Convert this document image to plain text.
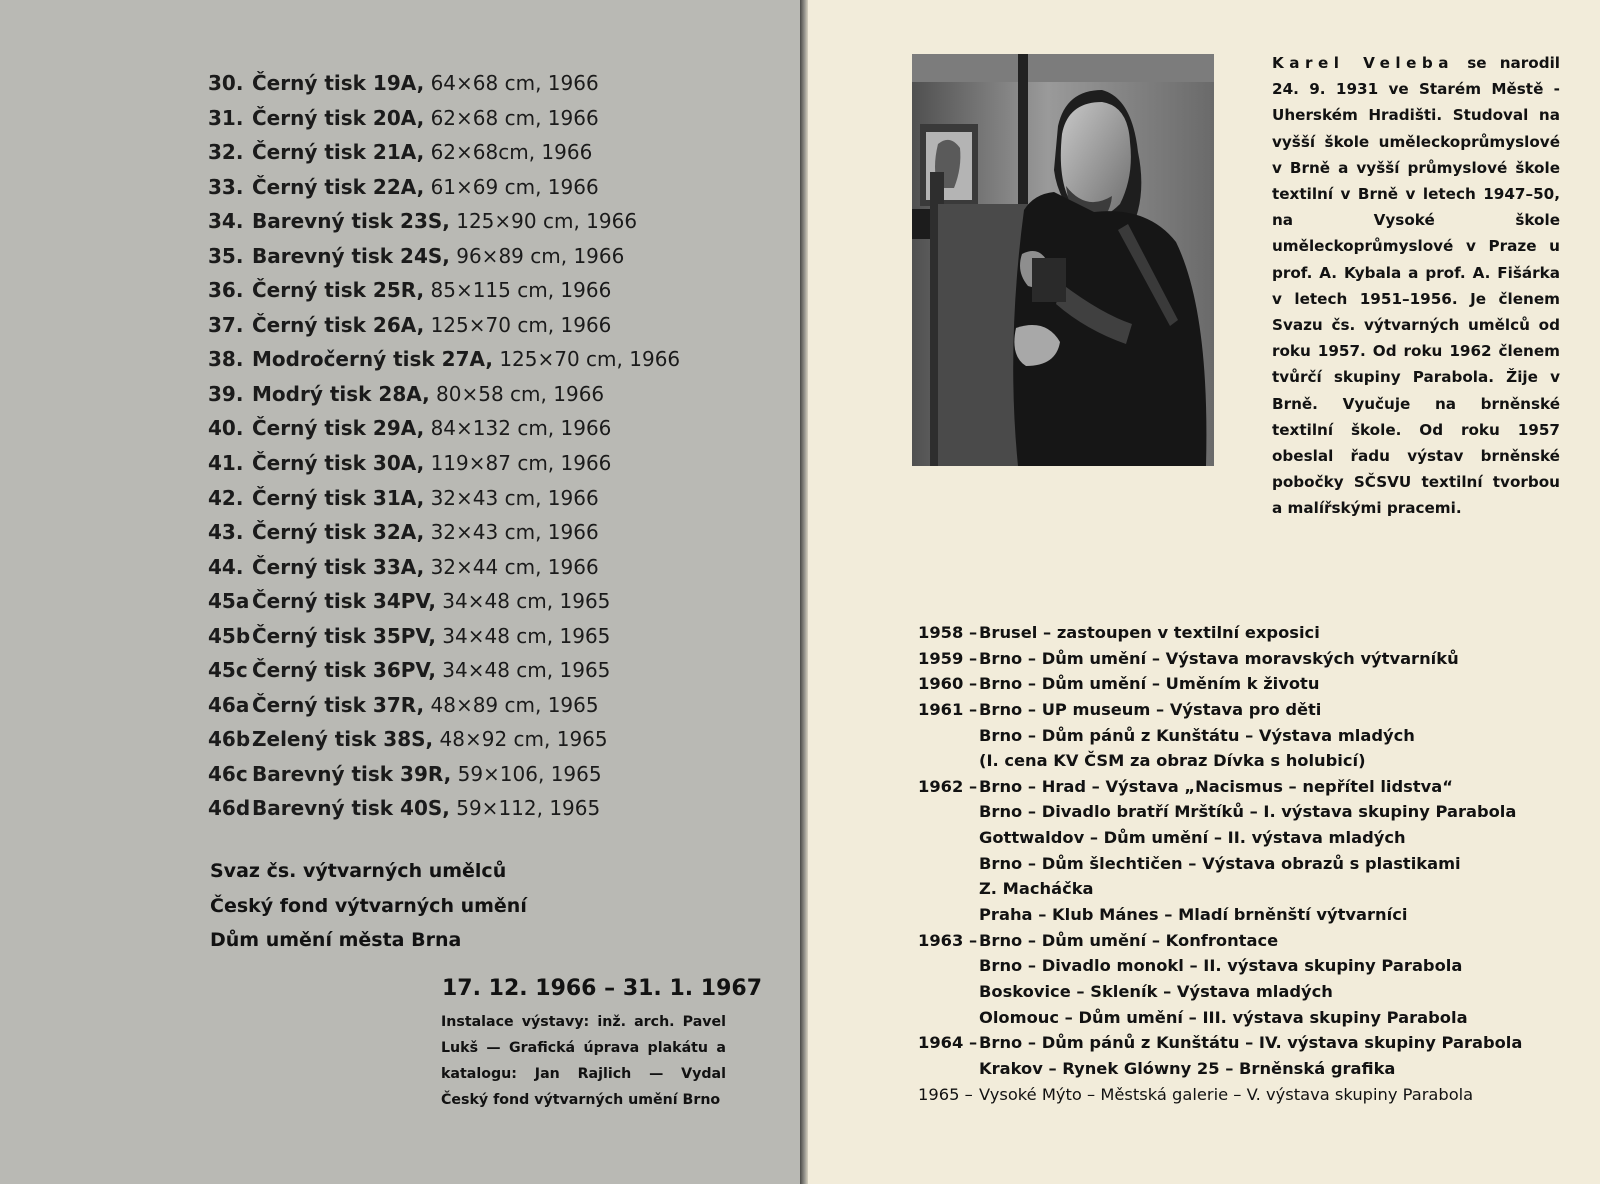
30. Černý tisk 19A, 64×68 cm, 1966
31. Černý tisk 20A, 62×68 cm, 1966
32. Černý tisk 21A, 62×68cm, 1966
33. Černý tisk 22A, 61×69 cm, 1966
34. Barevný tisk 23S, 125×90 cm, 1966
35. Barevný tisk 24S, 96×89 cm, 1966
36. Černý tisk 25R, 85×115 cm, 1966
37. Černý tisk 26A, 125×70 cm, 1966
38. Modročerný tisk 27A, 125×70 cm, 1966
39. Modrý tisk 28A, 80×58 cm, 1966
40. Černý tisk 29A, 84×132 cm, 1966
41. Černý tisk 30A, 119×87 cm, 1966
42. Černý tisk 31A, 32×43 cm, 1966
43. Černý tisk 32A, 32×43 cm, 1966
44. Černý tisk 33A, 32×44 cm, 1966
45a Černý tisk 34PV, 34×48 cm, 1965
45bČerný tisk 35PV, 34×48 cm, 1965
45c Černý tisk 36PV, 34×48 cm, 1965
46a Černý tisk 37R, 48×89 cm, 1965
46bZelený tisk 38S, 48×92 cm, 1965
46c Barevný tisk 39R, 59×106, 1965
46dBarevný tisk 40S, 59×112, 1965
Svaz čs. výtvarných umělců
Český fond výtvarných umění
Dům umění města Brna
17. 12. 1966 – 31. 1. 1967

Instalace výstavy: inž. arch. Pavel Lukš — Grafická úprava plakátu a katalogu: Jan Rajlich — Vydal Český fond výtvarných umění Brno

Karel Veleba se narodil 24. 9. 1931 ve Starém Městě - Uherském Hradišti. Studoval na vyšší škole uměleckoprůmyslové v Brně a vyšší průmyslové škole textilní v Brně v letech 1947–50, na Vysoké škole uměleckoprůmyslové v Praze u prof. A. Kybala a prof. A. Fišárka v letech 1951–1956. Je členem Svazu čs. výtvarných umělců od roku 1957. Od roku 1962 členem tvůrčí skupiny Parabola. Žije v Brně. Vyučuje na brněnské textilní škole. Od roku 1957 obeslal řadu výstav brněnské pobočky SČSVU textilní tvorbou a malířskými pracemi.

1958 – Brusel – zastoupen v textilní exposici
1959 – Brno – Dům umění – Výstava moravských výtvarníků
1960 – Brno – Dům umění – Uměním k životu
1961 – Brno – UP museum – Výstava pro děti
Brno – Dům pánů z Kunštátu – Výstava mladých
(I. cena KV ČSM za obraz Dívka s holubicí)
1962 – Brno – Hrad – Výstava „Nacismus – nepřítel lidstva“
Brno – Divadlo bratří Mrštíků – I. výstava skupiny Parabola
Gottwaldov – Dům umění – II. výstava mladých
Brno – Dům šlechtičen – Výstava obrazů s plastikami
Z. Macháčka
Praha – Klub Mánes – Mladí brněnští výtvarníci
1963 – Brno – Dům umění – Konfrontace
Brno – Divadlo monokl – II. výstava skupiny Parabola
Boskovice – Skleník – Výstava mladých
Olomouc – Dům umění – III. výstava skupiny Parabola
1964 – Brno – Dům pánů z Kunštátu – IV. výstava skupiny Parabola
Krakov – Rynek Glówny 25 – Brněnská grafika
1965 – Vysoké Mýto – Městská galerie – V. výstava skupiny Parabola
